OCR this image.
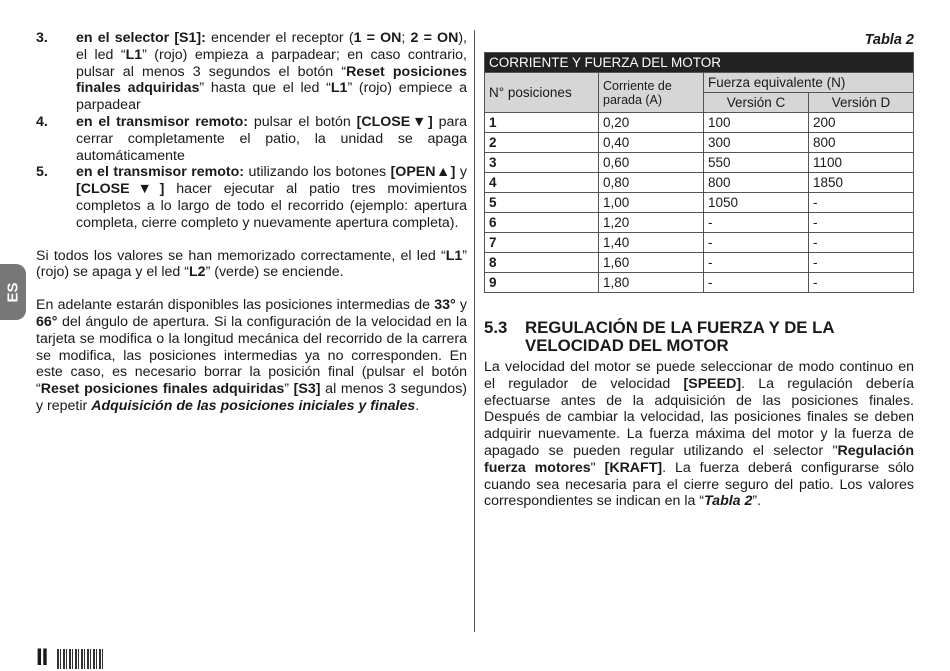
ES
3.	en el selector [S1]: encender el receptor (1 = ON; 2 = ON), el led “L1” (rojo) empieza a parpadear; en caso contrario, pulsar al menos 3 segundos el botón “Reset posiciones finales adquiridas” hasta que el led “L1” (rojo) empiece a parpadear
4.	en el transmisor remoto: pulsar el botón [CLOSE▼] para cerrar completamente el patio, la unidad se apaga automáticamente
5.	en el transmisor remoto: utilizando los botones [OPEN▲] y [CLOSE▼] hacer ejecutar al patio tres movimientos completos a lo largo de todo el recorrido (ejemplo: apertura completa, cierre completo y nuevamente apertura completa).
Si todos los valores se han memorizado correctamente, el led “L1” (rojo) se apaga y el led “L2” (verde) se enciende.
En adelante estarán disponibles las posiciones intermedias de 33° y 66° del ángulo de apertura. Si la configuración de la velocidad en la tarjeta se modifica o la longitud mecánica del recorrido de la carrera se modifica, las posiciones intermedias ya no corresponden. En este caso, es necesario borrar la posición final (pulsar el botón “Reset posiciones finales adquiridas” [S3] al menos 3 segundos) y repetir Adquisición de las posiciones iniciales y finales.
Tabla 2
CORRIENTE Y FUERZA DEL MOTOR			
N° posiciones	Corriente de parada (A)	Fuerza equivalente (N)	
		Versión C	Versión D
1	0,20	100	200
2	0,40	300	800
3	0,60	550	1100
4	0,80	800	1850
5	1,00	1050	-
6	1,20	-	-
7	1,40	-	-
8	1,60	-	-
9	1,80	-	-
5.3	REGULACIÓN DE LA FUERZA Y DE LA VELOCIDAD DEL MOTOR
La velocidad del motor se puede seleccionar de modo continuo en el regulador de velocidad [SPEED]. La regulación debería efectuarse antes de la adquisición de las posiciones finales. Después de cambiar la velocidad, las posiciones finales se deben adquirir nuevamente. La fuerza máxima del motor y la fuerza de apagado se pueden regular utilizando el selector "Regulación fuerza motores" [KRAFT]. La fuerza deberá configurarse sólo cuando sea necesaria para el cierre seguro del patio. Los valores correspondientes se indican en la “Tabla 2”.
II
